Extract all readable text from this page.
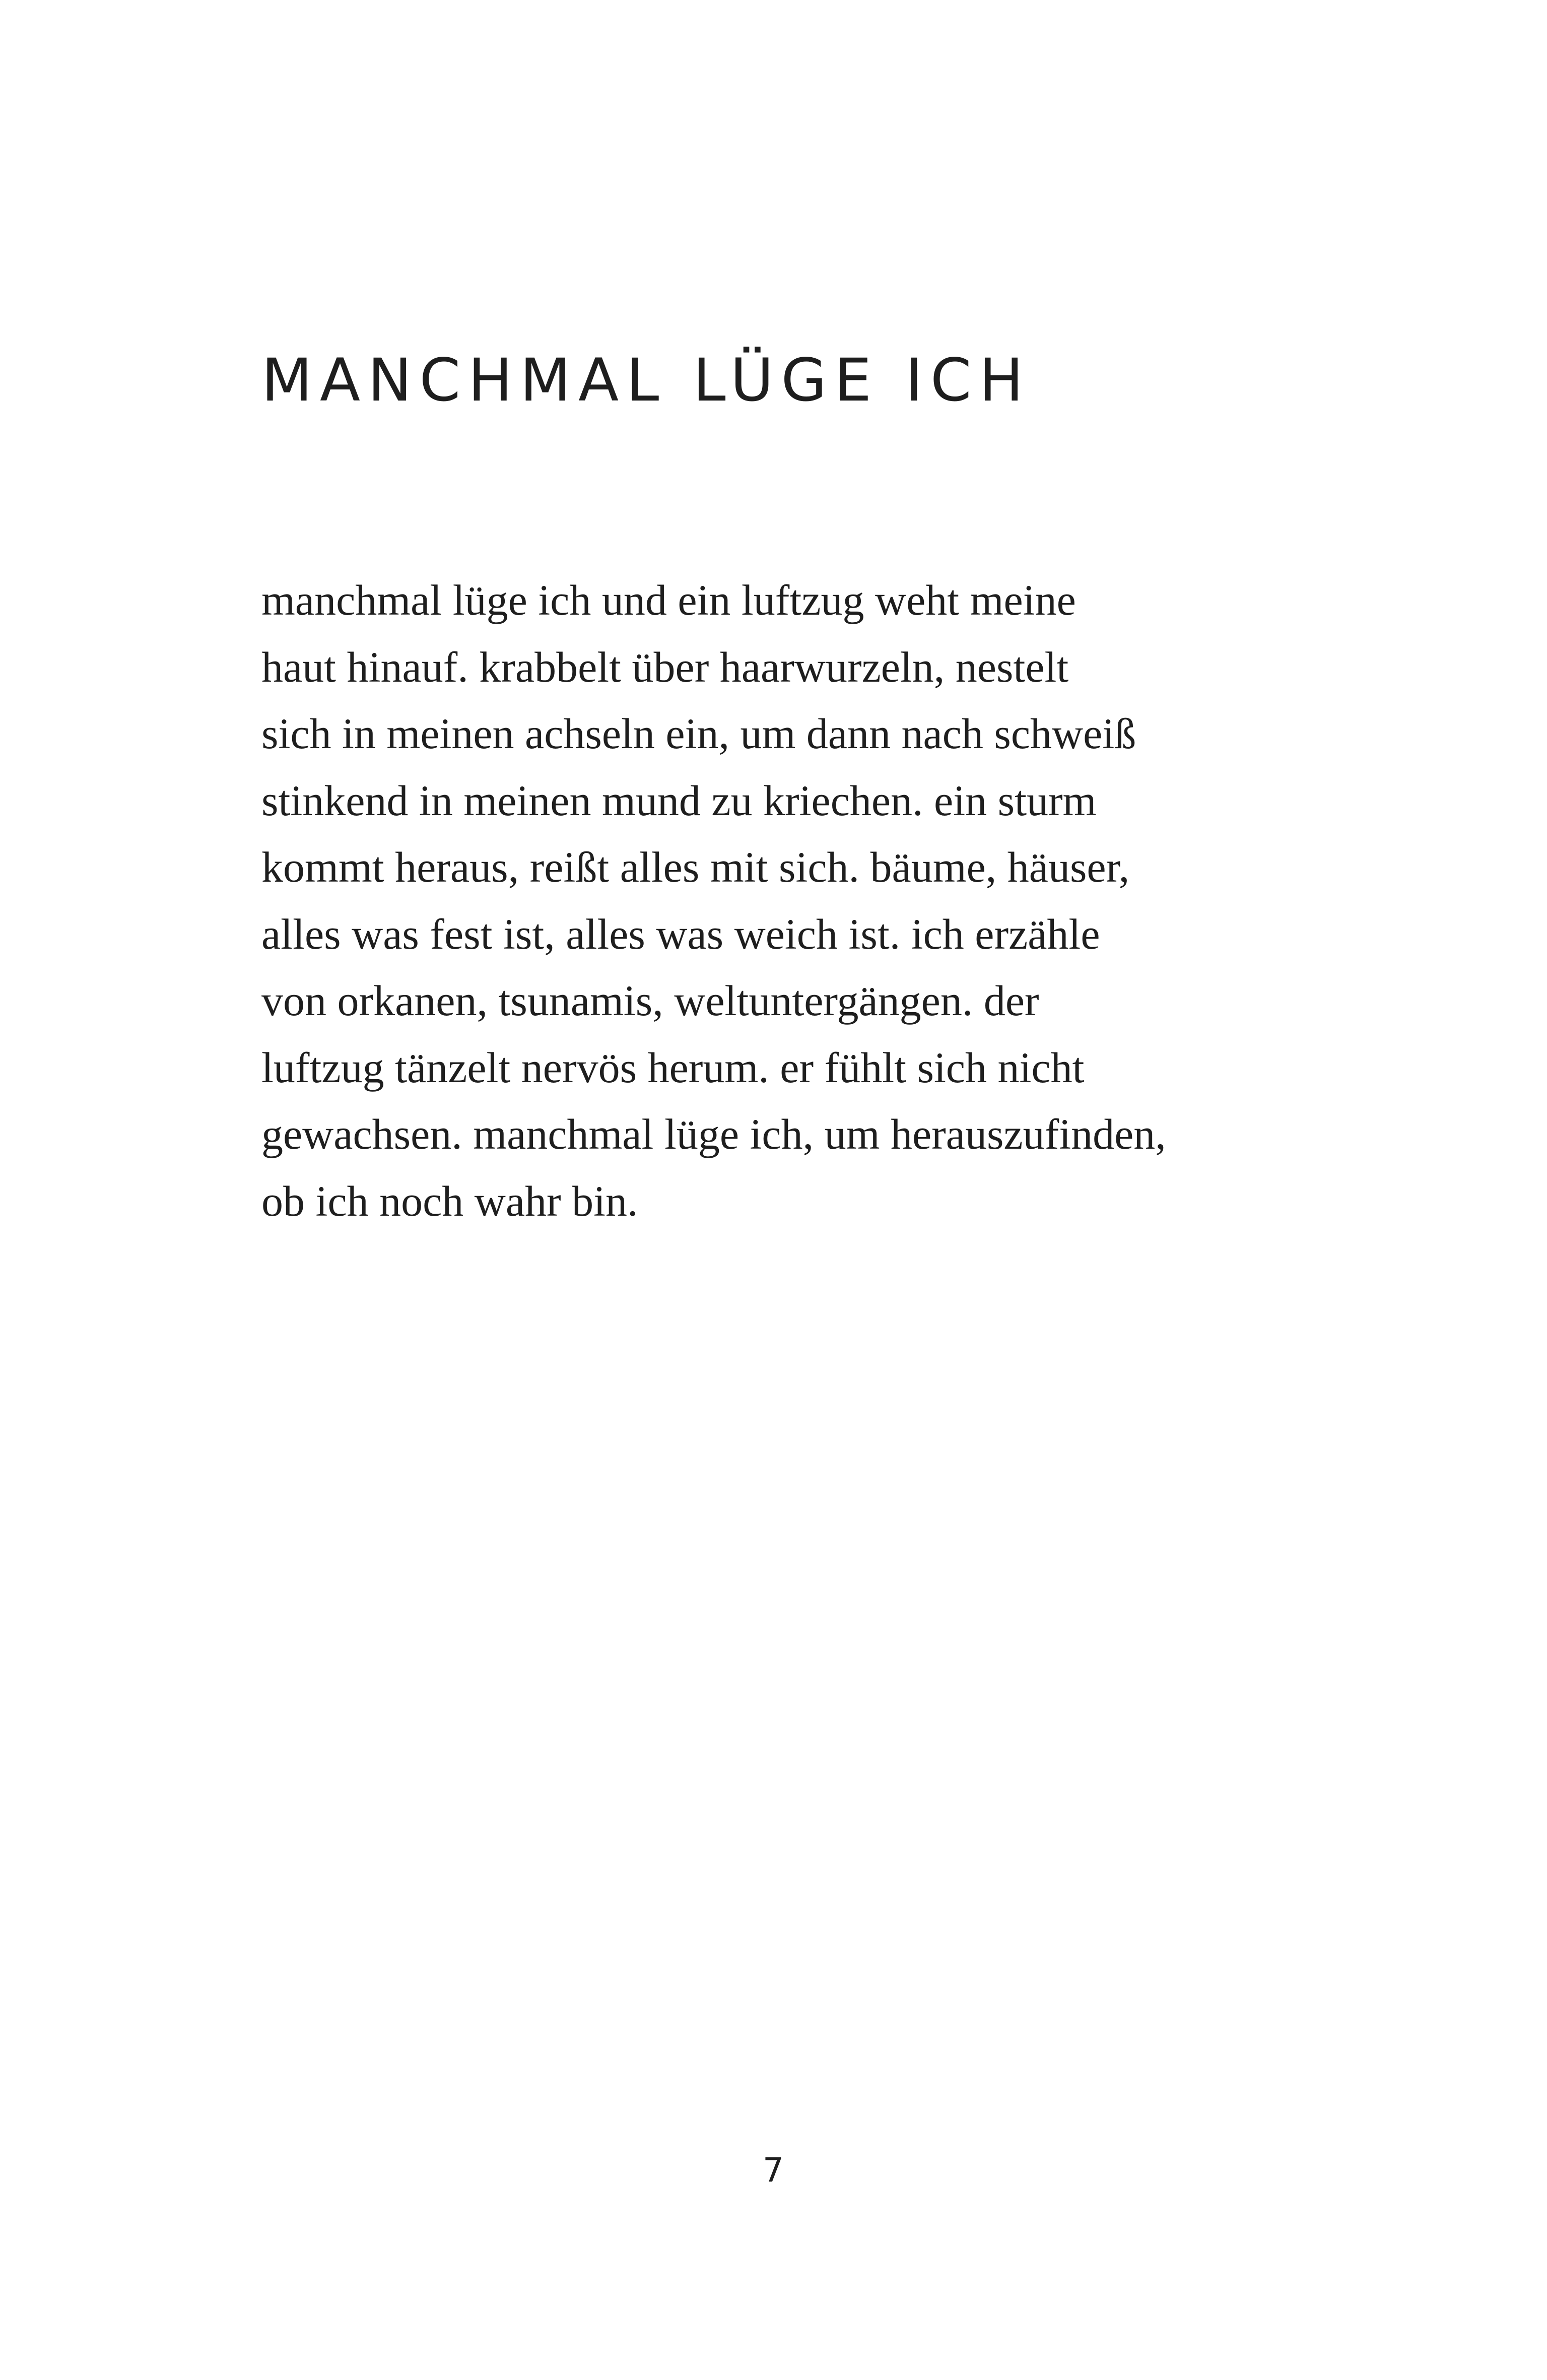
MANCHMAL LÜGE ICH
manchmal lüge ich und ein luftzug weht meine
haut hinauf. krabbelt über haarwurzeln, nestelt
sich in meinen achseln ein, um dann nach schweiß
stinkend in meinen mund zu kriechen. ein sturm
kommt heraus, reißt alles mit sich. bäume, häuser,
alles was fest ist, alles was weich ist. ich erzähle
von orkanen, tsunamis, weltuntergängen. der
luftzug tänzelt nervös herum. er fühlt sich nicht
gewachsen. manchmal lüge ich, um herauszufinden,
ob ich noch wahr bin.
7
